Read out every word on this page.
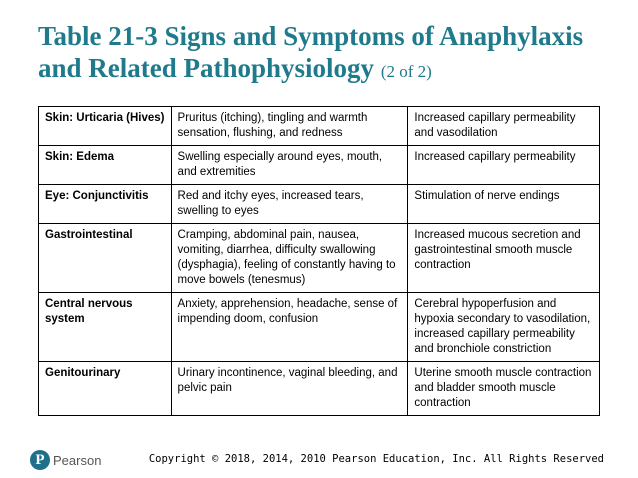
Table 21-3 Signs and Symptoms of Anaphylaxis
and Related Pathophysiology (2 of 2)
Skin: Urticaria (Hives)	Pruritus (itching), tingling and warmth sensation, flushing, and redness	Increased capillary permeability and vasodilation
Skin: Edema	Swelling especially around eyes, mouth, and extremities	Increased capillary permeability
Eye: Conjunctivitis	Red and itchy eyes, increased tears, swelling to eyes	Stimulation of nerve endings
Gastrointestinal	Cramping, abdominal pain, nausea, vomiting, diarrhea, difficulty swallowing (dysphagia), feeling of constantly having to move bowels (tenesmus)	Increased mucous secretion and gastrointestinal smooth muscle contraction
Central nervous system	Anxiety, apprehension, headache, sense of impending doom, confusion	Cerebral hypoperfusion and hypoxia secondary to vasodilation, increased capillary permeability and bronchiole constriction
Genitourinary	Urinary incontinence, vaginal bleeding, and pelvic pain	Uterine smooth muscle contraction and bladder smooth muscle contraction
P Pearson	Copyright © 2018, 2014, 2010 Pearson Education, Inc. All Rights Reserved
